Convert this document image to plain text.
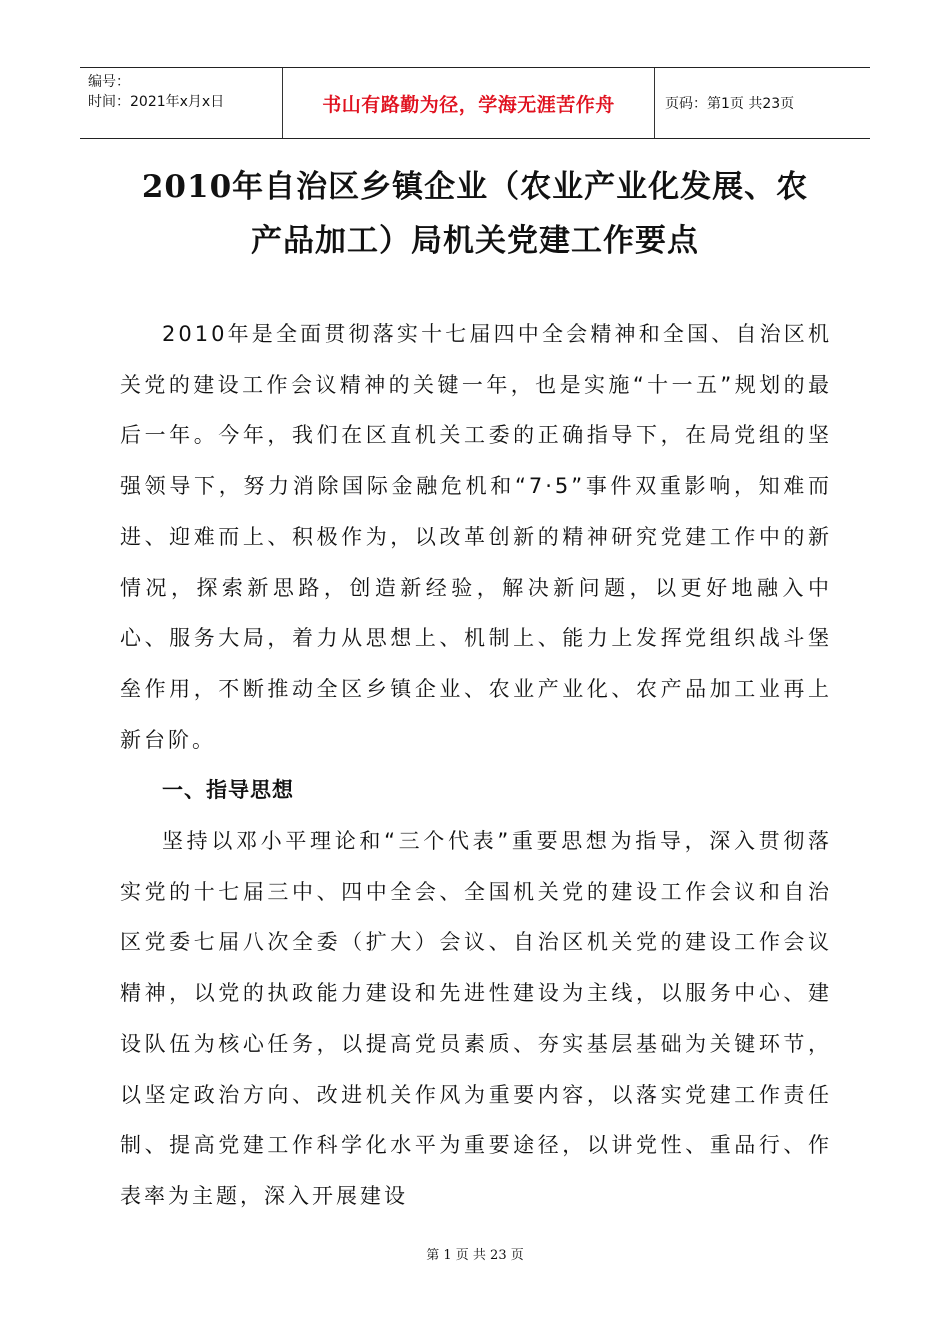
编号：
时间：2021年x月x日	书山有路勤为径，学海无涯苦作舟	页码：第1页 共23页
2010年自治区乡镇企业（农业产业化发展、农
产品加工）局机关党建工作要点

2010年是全面贯彻落实十七届四中全会精神和全国、自治区机关党的建设工作会议精神的关键一年，也是实施“十一五”规划的最后一年。今年，我们在区直机关工委的正确指导下，在局党组的坚强领导下，努力消除国际金融危机和“7·5”事件双重影响，知难而进、迎难而上、积极作为，以改革创新的精神研究党建工作中的新情况，探索新思路，创造新经验，解决新问题，以更好地融入中心、服务大局，着力从思想上、机制上、能力上发挥党组织战斗堡垒作用，不断推动全区乡镇企业、农业产业化、农产品加工业再上新台阶。

一、指导思想

坚持以邓小平理论和“三个代表”重要思想为指导，深入贯彻落实党的十七届三中、四中全会、全国机关党的建设工作会议和自治区党委七届八次全委（扩大）会议、自治区机关党的建设工作会议精神，以党的执政能力建设和先进性建设为主线，以服务中心、建设队伍为核心任务，以提高党员素质、夯实基层基础为关键环节，以坚定政治方向、改进机关作风为重要内容，以落实党建工作责任制、提高党建工作科学化水平为重要途径，以讲党性、重品行、作表率为主题，深入开展建设

第 1 页 共 23 页
